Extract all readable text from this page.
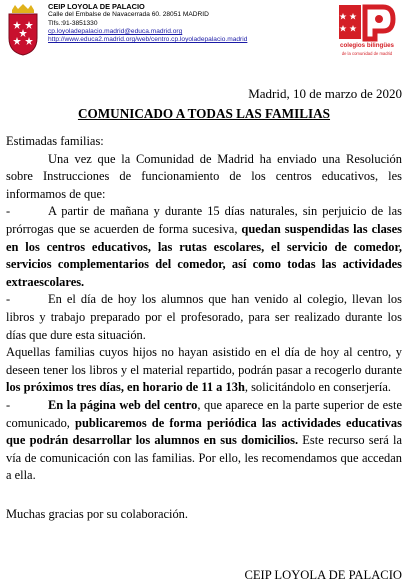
CEIP LOYOLA DE PALACIO
Calle del Embalse de Navacerrada 60. 28051 MADRID
Tlfs.:91-3851330
cp.loyoladepalacio.madrid@educa.madrid.org
http://www.educa2.madrid.org/web/centro.cp.loyoladepalacio.madrid
colegios bilingües
de la comunidad de madrid
Madrid, 10 de marzo de 2020
COMUNICADO A TODAS LAS FAMILIAS

Estimadas familias:

Una vez que la Comunidad de Madrid ha enviado una Resolución sobre Instrucciones de funcionamiento de los centros educativos, les informamos de que:

-	A partir de mañana y durante 15 días naturales, sin perjuicio de las prórrogas que se acuerden de forma sucesiva, quedan suspendidas las clases en los centros educativos, las rutas escolares, el servicio de comedor, servicios complementarios del comedor, así como todas las actividades extraescolares.

-	En el día de hoy los alumnos que han venido al colegio, llevan los libros y trabajo preparado por el profesorado, para ser realizado durante los días que dure esta situación.

Aquellas familias cuyos hijos no hayan asistido en el día de hoy al centro, y deseen tener los libros y el material repartido, podrán pasar a recogerlo durante los próximos tres días, en horario de 11 a 13h, solicitándolo en conserjería.

-	En la página web del centro, que aparece en la parte superior de este comunicado, publicaremos de forma periódica las actividades educativas que podrán desarrollar los alumnos en sus domicilios. Este recurso será la vía de comunicación con las familias. Por ello, les recomendamos que accedan a ella.

Muchas gracias por su colaboración.
CEIP LOYOLA DE PALACIO
